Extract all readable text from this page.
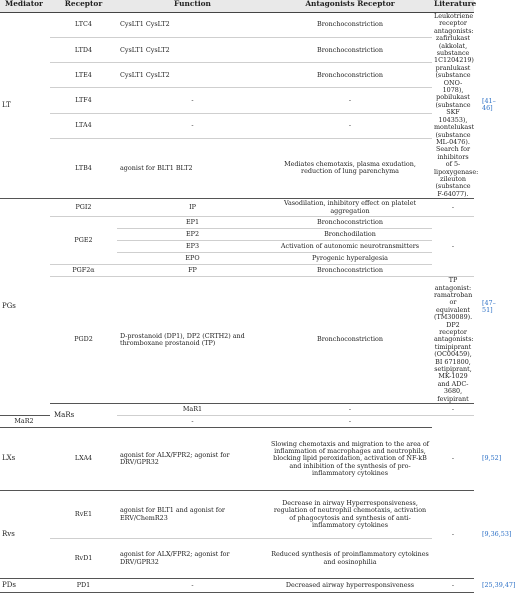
Mediator	Receptor	Function	Antagonists Receptor	Literature	
LT	LTC4	CysLT1 CysLT2	Bronchoconstriction	Leukotriene receptor antagonists: zafirlukast (akkolat, substance 1C1204219) pranlukast (substance ONO-1078), pobilukast (substance SKF 104353), montelukast (substance ML-0476). Search for inhibitors of 5-lipoxygenase: zileuton (substance F-64077).	[41–46]
	LTD4	CysLT1 CysLT2	Bronchoconstriction		
	LTE4	CysLT1 CysLT2	Bronchoconstriction		
	LTF4	-	-		
	LTA4	-	-		
	LTB4	agonist for BLT1 BLT2	Mediates chemotaxis, plasma exudation, reduction of lung parenchyma		
PGs	PGI2	IP	Vasodilation, inhibitory effect on platelet aggregation	-	[47–51]
	PGE2	EP1	Bronchoconstriction	-	
		EP2	Bronchodilation		
		EP3	Activation of autonomic neurotransmitters		
		EPO	Pyrogenic hyperalgesia		
	PGF2α	FP	Bronchoconstriction		
	PGD2	D-prostanoid (DP1), DP2 (CRTH2) and thromboxane prostanoid (TP)	Bronchoconstriction	TP antagonist: ramatroban or equivalent (TM30089). DP2 receptor antagonists: timipiprant (OC00459), BI 671800, setipiprant, MK-1029 and ADC-3680, fevipirant	
	MaRs	MaR1	-	-		
MaR2		-	-		
LXs	LXA4	agonist for ALX/FPR2; agonist for DRV/GPR32	Slowing chemotaxis and migration to the area of inflammation of macrophages and neutrophils, blocking lipid peroxidation, activation of NF-kB and inhibition of the synthesis of pro-inflammatory cytokines	-	[9,52]
Rvs	RvE1	agonist for BLT1 and agonist for ERV/ChemR23	Decrease in airway Hyperresponsiveness, regulation of neutrophil chemotaxis, activation of phagocytosis and synthesis of anti-inflammatory cytokines	-	[9,36,53]
	RvD1	agonist for ALX/FPR2; agonist for DRV/GPR32	Reduced synthesis of proinflammatory cytokines and eosinophilia		
PDs	PD1	-	Decreased airway hyperresponsiveness	-	[25,39,47]
